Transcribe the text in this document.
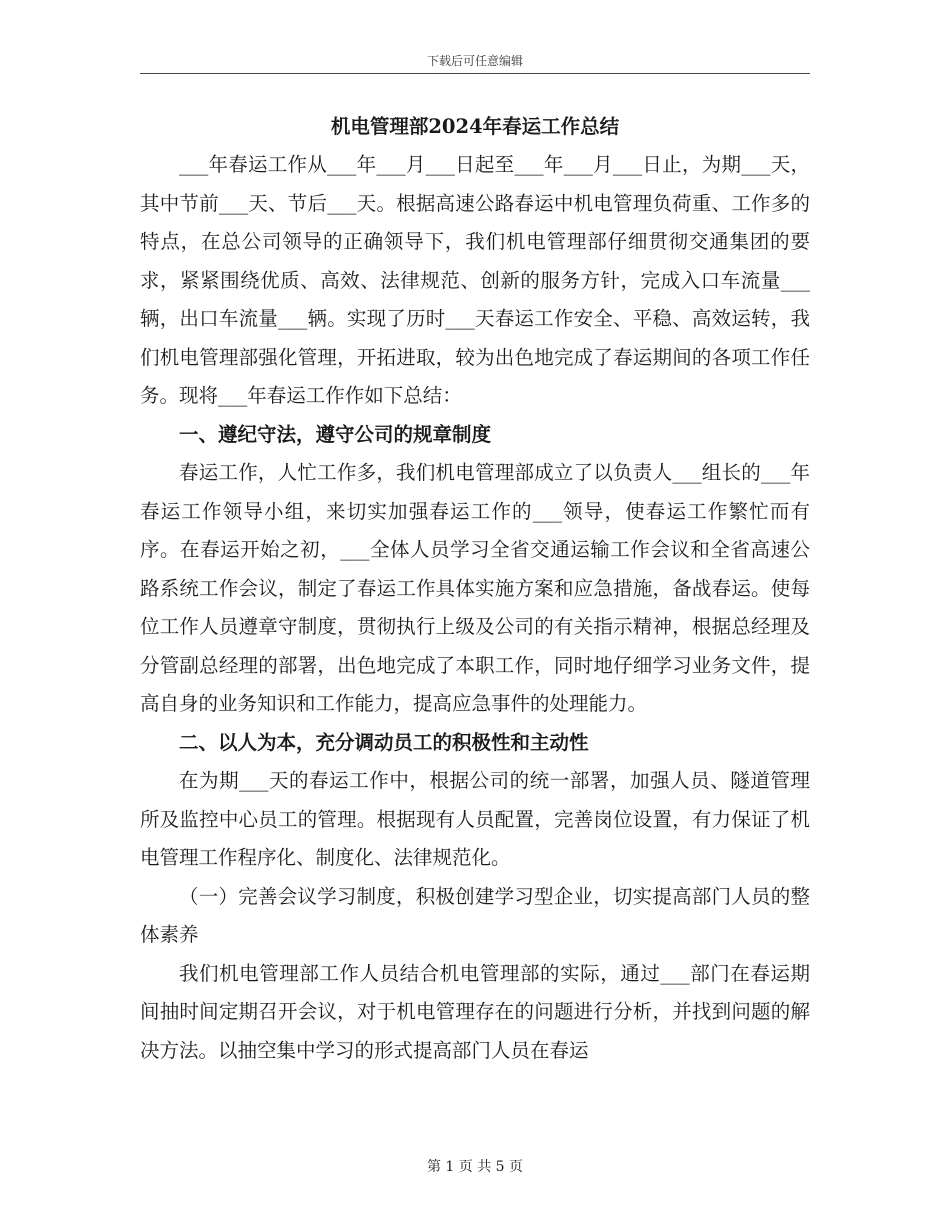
下载后可任意编辑
机电管理部2024年春运工作总结

___年春运工作从___年___月___日起至___年___月___日止，为期___天，其中节前___天、节后___天。根据高速公路春运中机电管理负荷重、工作多的特点，在总公司领导的正确领导下，我们机电管理部仔细贯彻交通集团的要求，紧紧围绕优质、高效、法律规范、创新的服务方针，完成入口车流量___辆，出口车流量___辆。实现了历时___天春运工作安全、平稳、高效运转，我们机电管理部强化管理，开拓进取，较为出色地完成了春运期间的各项工作任务。现将___年春运工作作如下总结：

一、遵纪守法，遵守公司的规章制度

春运工作，人忙工作多，我们机电管理部成立了以负责人___组长的___年春运工作领导小组，来切实加强春运工作的___领导，使春运工作繁忙而有序。在春运开始之初，___全体人员学习全省交通运输工作会议和全省高速公路系统工作会议，制定了春运工作具体实施方案和应急措施，备战春运。使每位工作人员遵章守制度，贯彻执行上级及公司的有关指示精神，根据总经理及分管副总经理的部署，出色地完成了本职工作，同时地仔细学习业务文件，提高自身的业务知识和工作能力，提高应急事件的处理能力。

二、以人为本，充分调动员工的积极性和主动性

在为期___天的春运工作中，根据公司的统一部署，加强人员、隧道管理所及监控中心员工的管理。根据现有人员配置，完善岗位设置，有力保证了机电管理工作程序化、制度化、法律规范化。

（一）完善会议学习制度，积极创建学习型企业，切实提高部门人员的整体素养

我们机电管理部工作人员结合机电管理部的实际，通过___部门在春运期间抽时间定期召开会议，对于机电管理存在的问题进行分析，并找到问题的解决方法。以抽空集中学习的形式提高部门人员在春运

第 1 页 共 5 页
